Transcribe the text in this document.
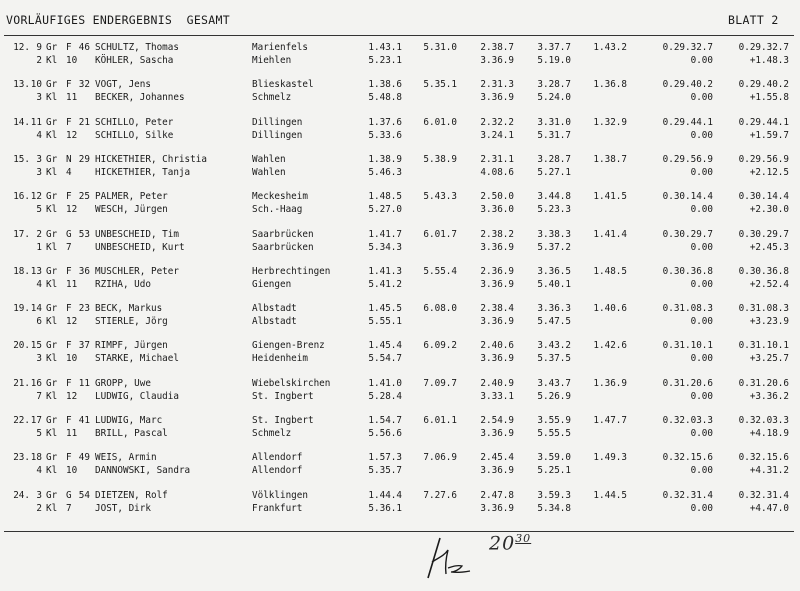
VORLÄUFIGES ENDERGEBNIS  GESAMT	BLATT 2
12. 9 Gr F 46 SCHULTZ, Thomas	Marienfels	1.43.1 5.31.0	2.38.7	3.37.7 1.43.2	0.29.32.7	0.29.32.7
2 Kl 10 KÖHLER, Sascha	Miehlen	5.23.1	3.36.9	5.19.0	0.00	+1.48.3
13. 10 Gr F 32 VOGT, Jens	Blieskastel	1.38.6 5.35.1	2.31.3	3.28.7 1.36.8	0.29.40.2	0.29.40.2
3 Kl 11 BECKER, Johannes	Schmelz	5.48.8	3.36.9	5.24.0	0.00	+1.55.8
14. 11 Gr F 21 SCHILLO, Peter	Dillingen	1.37.6 6.01.0	2.32.2	3.31.0 1.32.9	0.29.44.1	0.29.44.1
4 Kl 12 SCHILLO, Silke	Dillingen	5.33.6	3.24.1	5.31.7	0.00	+1.59.7
15. 3 Gr N 29 HICKETHIER, Christia	Wahlen	1.38.9 5.38.9	2.31.1	3.28.7 1.38.7	0.29.56.9	0.29.56.9
3 Kl 4	HICKETHIER, Tanja	Wahlen	5.46.3	4.08.6	5.27.1	0.00	+2.12.5
16. 12 Gr F 25 PALMER, Peter	Meckesheim	1.48.5 5.43.3	2.50.0	3.44.8 1.41.5	0.30.14.4	0.30.14.4
5 Kl 12 WESCH, Jürgen	Sch.-Haag	5.27.0	3.36.0	5.23.3	0.00	+2.30.0
17. 2 Gr G 53 UNBESCHEID, Tim	Saarbrücken	1.41.7 6.01.7	2.38.2	3.38.3 1.41.4	0.30.29.7	0.30.29.7
1 Kl 7	UNBESCHEID, Kurt	Saarbrücken	5.34.3	3.36.9	5.37.2	0.00	+2.45.3
18. 13 Gr F 36 MUSCHLER, Peter	Herbrechtingen	1.41.3 5.55.4	2.36.9	3.36.5 1.48.5	0.30.36.8	0.30.36.8
4 Kl 11 RZIHA, Udo	Giengen	5.41.2	3.36.9	5.40.1	0.00	+2.52.4
19. 14 Gr F 23 BECK, Markus	Albstadt	1.45.5 6.08.0	2.38.4	3.36.3 1.40.6	0.31.08.3	0.31.08.3
6 Kl 12 STIERLE, Jörg	Albstadt	5.55.1	3.36.9	5.47.5	0.00	+3.23.9
20. 15 Gr F 37 RIMPF, Jürgen	Giengen-Brenz	1.45.4 6.09.2	2.40.6	3.43.2 1.42.6	0.31.10.1	0.31.10.1
3 Kl 10 STARKE, Michael	Heidenheim	5.54.7	3.36.9	5.37.5	0.00	+3.25.7
21. 16 Gr F 11 GROPP, Uwe	Wiebelskirchen	1.41.0 7.09.7	2.40.9	3.43.7 1.36.9	0.31.20.6	0.31.20.6
7 Kl 12 LUDWIG, Claudia	St. Ingbert	5.28.4	3.33.1	5.26.9	0.00	+3.36.2
22. 17 Gr F 41 LUDWIG, Marc	St. Ingbert	1.54.7 6.01.1	2.54.9	3.55.9 1.47.7	0.32.03.3	0.32.03.3
5 Kl 11 BRILL, Pascal	Schmelz	5.56.6	3.36.9	5.55.5	0.00	+4.18.9
23. 18 Gr F 49 WEIS, Armin	Allendorf	1.57.3 7.06.9	2.45.4	3.59.0 1.49.3	0.32.15.6	0.32.15.6
4 Kl 10 DANNOWSKI, Sandra	Allendorf	5.35.7	3.36.9	5.25.1	0.00	+4.31.2
24. 3 Gr G 54 DIETZEN, Rolf	Völklingen	1.44.4 7.27.6	2.47.8	3.59.3 1.44.5	0.32.31.4	0.32.31.4
2 Kl 7	JOST, Dirk	Frankfurt	5.36.1	3.36.9	5.34.8	0.00	+4.47.0
$20^{30}$
